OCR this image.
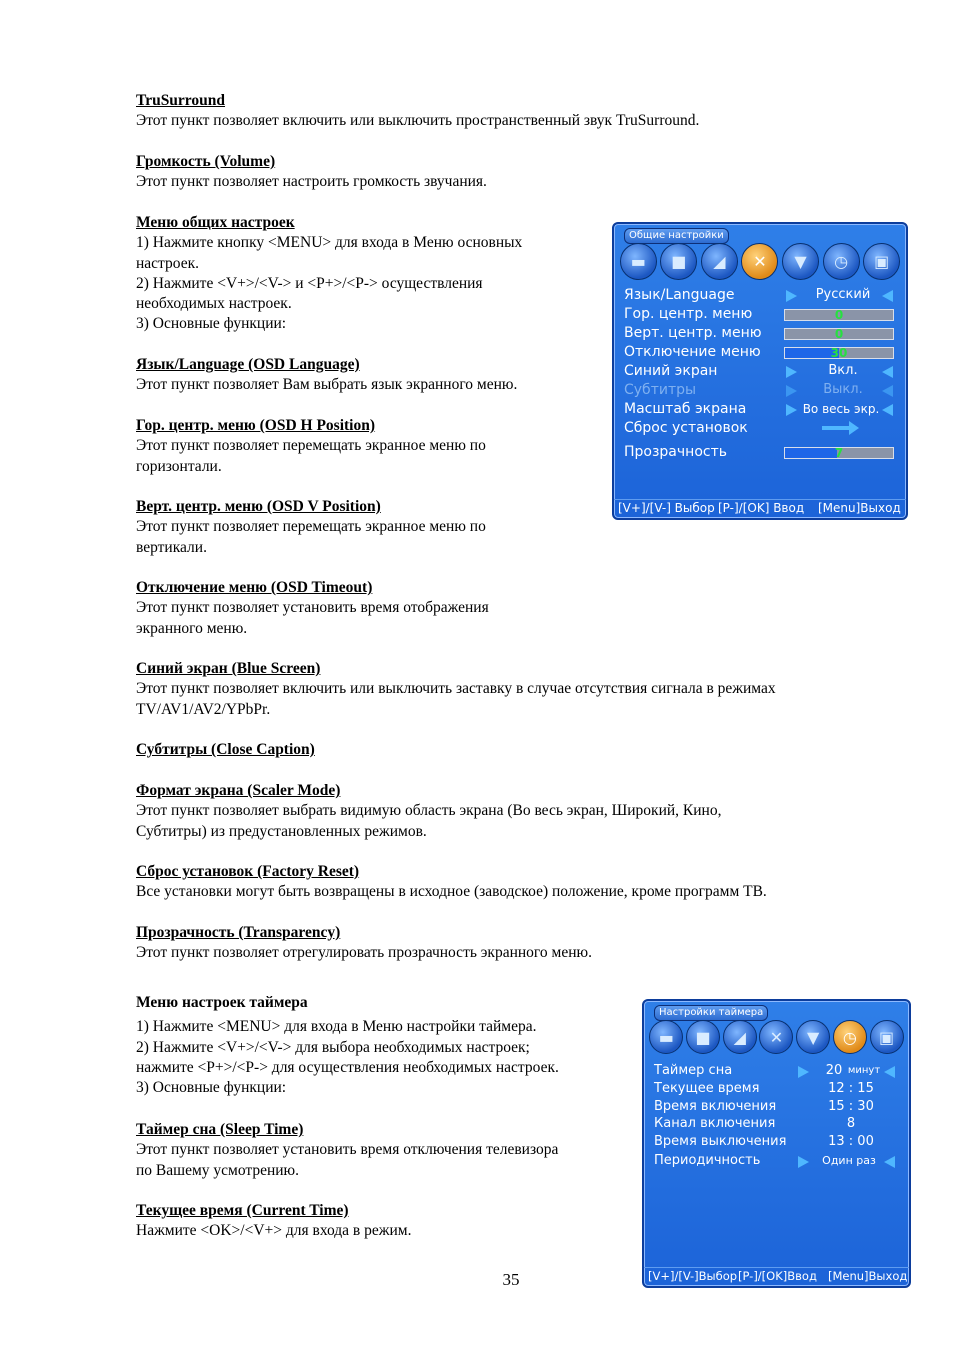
TruSurround
Этот пункт позволяет включить или выключить пространственный звук TruSurround.
Громкость (Volume)
Этот пункт позволяет настроить громкость звучания.
Меню общих настроек
1) Нажмите кнопку <MENU> для входа в Меню основных
настроек.
2) Нажмите <V+>/<V-> и <P+>/<P-> осуществления
необходимых настроек.
3) Основные функции:
Язык/Language (OSD Language)
Этот пункт позволяет Вам выбрать язык экранного меню.
Гор. центр. меню (OSD H Position)
Этот пункт позволяет перемещать экранное меню по
горизонтали.
Верт. центр. меню (OSD V Position)
Этот пункт позволяет перемещать экранное меню по
вертикали.
Отключение меню (OSD Timeout)
Этот пункт позволяет установить время отображения
экранного меню.
Синий экран (Blue Screen)
Этот пункт позволяет включить или выключить заставку в случае отсутствия сигнала в режимах
TV/AV1/AV2/YPbPr.
Субтитры (Close Caption)
Формат экрана (Scaler Mode)
Этот пункт позволяет выбрать видимую область экрана (Во весь экран, Широкий, Кино,
Субтитры) из предустановленных режимов.
Сброс установок (Factory Reset)
Все установки могут быть возвращены в исходное (заводское) положение, кроме программ ТВ.
Прозрачность (Transparency)
Этот пункт позволяет отрегулировать прозрачность экранного меню.
Меню настроек таймера
1) Нажмите <MENU> для входа в Меню настройки таймера.
2) Нажмите <V+>/<V-> для выбора необходимых настроек;
нажмите <P+>/<P-> для осуществления необходимых настроек.
3) Основные функции:
Таймер сна (Sleep Time)
Этот пункт позволяет установить время отключения телевизора
по Вашему усмотрению.
Текущее время (Current Time)
Нажмите <OK>/<V+> для входа в режим.
35
Общие настройки
▬ ■ ◢ ✕ ▼ ◷ ▣
Язык/Language	Русский
Гор. центр. меню	0
Верт. центр. меню	0
Отключение меню	30
Синий экран	Вкл.
Субтитры	Выкл.
Масштаб экрана	Во весь экр.
Сброс установок
Прозрачность	7
[V+]/[V-] Выбор [P-]/[OK] Ввод [Menu]Выход
Настройки таймера
▬ ■ ◢ ✕ ▼ ◷ ▣
Таймер сна	20 минут
Текущее время	12 : 15
Время включения	15 : 30
Канал включения	8
Время выключения	13 : 00
Периодичность	Один раз
[V+]/[V-]Выбор [P-]/[OK]Ввод [Menu]Выход
